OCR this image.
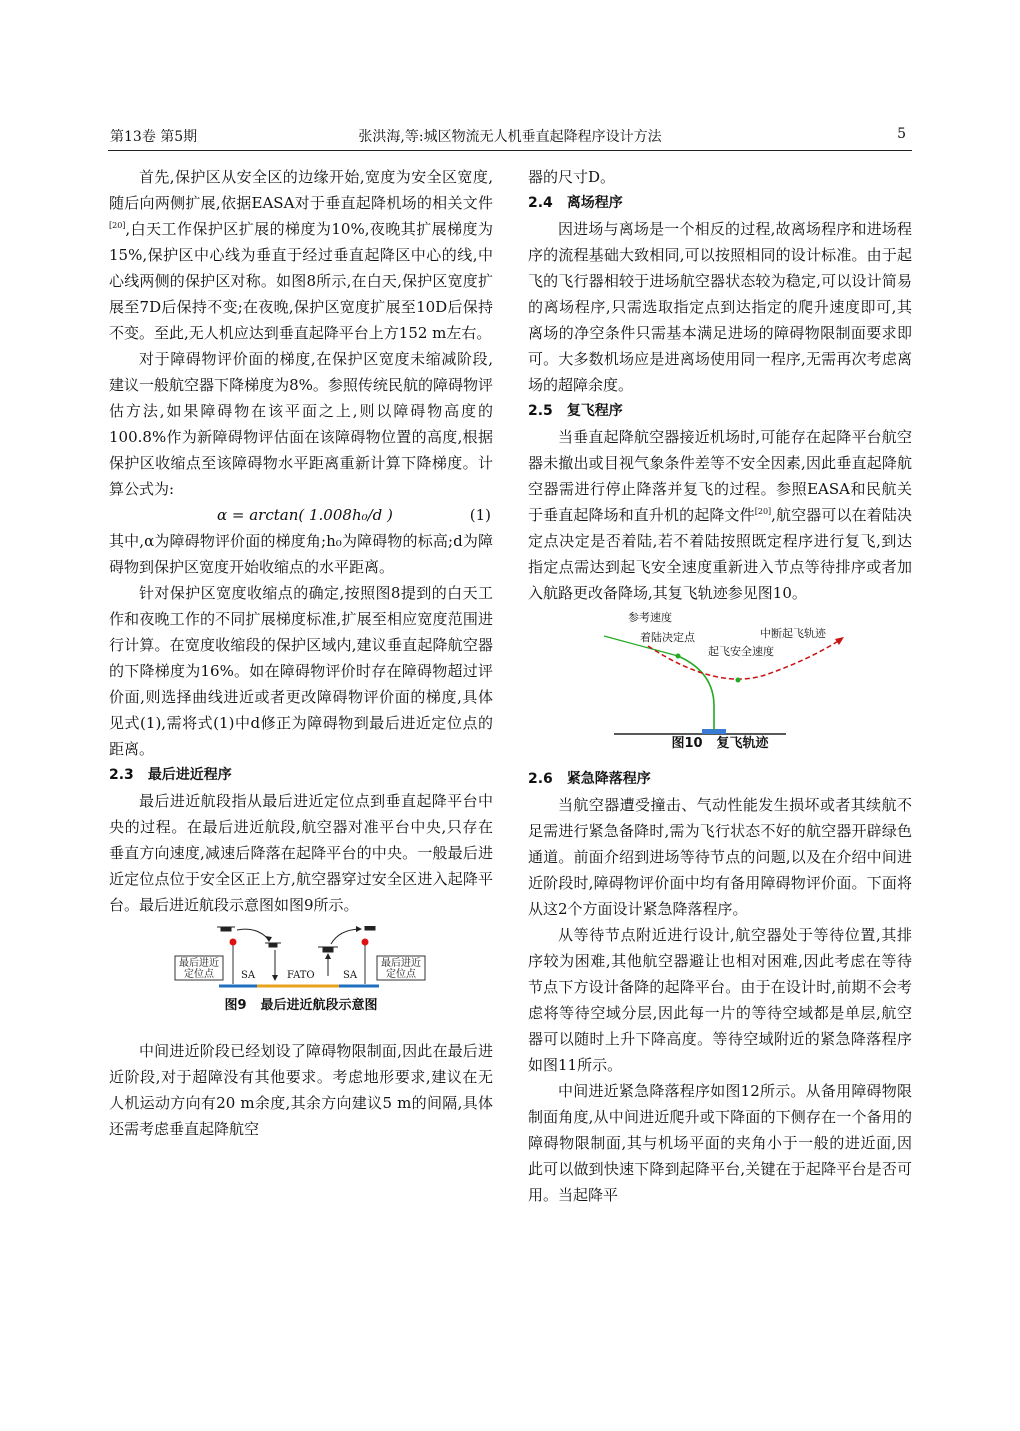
第13卷 第5期	张洪海,等:城区物流无人机垂直起降程序设计方法	5

首先,保护区从安全区的边缘开始,宽度为安全区宽度,随后向两侧扩展,依据EASA对于垂直起降机场的相关文件[20],白天工作保护区扩展的梯度为10%,夜晚其扩展梯度为15%,保护区中心线为垂直于经过垂直起降区中心的线,中心线两侧的保护区对称。如图8所示,在白天,保护区宽度扩展至7D后保持不变;在夜晚,保护区宽度扩展至10D后保持不变。至此,无人机应达到垂直起降平台上方152 m左右。

对于障碍物评价面的梯度,在保护区宽度未缩减阶段,建议一般航空器下降梯度为8%。参照传统民航的障碍物评估方法,如果障碍物在该平面之上,则以障碍物高度的100.8%作为新障碍物评估面在该障碍物位置的高度,根据保护区收缩点至该障碍物水平距离重新计算下降梯度。计算公式为:

α = arctan( 1.008h₀/d )	(1)

其中,α为障碍物评价面的梯度角;h₀为障碍物的标高;d为障碍物到保护区宽度开始收缩点的水平距离。

针对保护区宽度收缩点的确定,按照图8提到的白天工作和夜晚工作的不同扩展梯度标准,扩展至相应宽度范围进行计算。在宽度收缩段的保护区域内,建议垂直起降航空器的下降梯度为16%。如在障碍物评价时存在障碍物超过评价面,则选择曲线进近或者更改障碍物评价面的梯度,具体见式(1),需将式(1)中d修正为障碍物到最后进近定位点的距离。

2.3 最后进近程序

最后进近航段指从最后进近定位点到垂直起降平台中央的过程。在最后进近航段,航空器对准平台中央,只存在垂直方向速度,减速后降落在起降平台的中央。一般最后进近定位点位于安全区正上方,航空器穿过安全区进入起降平台。最后进近航段示意图如图9所示。

最后进近定位点
最后进近定位点
SA	FATO	SA
图9 最后进近航段示意图

中间进近阶段已经划设了障碍物限制面,因此在最后进近阶段,对于超障没有其他要求。考虑地形要求,建议在无人机运动方向有20 m余度,其余方向建议5 m的间隔,具体还需考虑垂直起降航空

器的尺寸D。

2.4 离场程序

因进场与离场是一个相反的过程,故离场程序和进场程序的流程基础大致相同,可以按照相同的设计标准。由于起飞的飞行器相较于进场航空器状态较为稳定,可以设计简易的离场程序,只需选取指定点到达指定的爬升速度即可,其离场的净空条件只需基本满足进场的障碍物限制面要求即可。大多数机场应是进离场使用同一程序,无需再次考虑离场的超障余度。

2.5 复飞程序

当垂直起降航空器接近机场时,可能存在起降平台航空器未撤出或目视气象条件差等不安全因素,因此垂直起降航空器需进行停止降落并复飞的过程。参照EASA和民航关于垂直起降场和直升机的起降文件[20],航空器可以在着陆决定点决定是否着陆,若不着陆按照既定程序进行复飞,到达指定点需达到起飞安全速度重新进入节点等待排序或者加入航路更改备降场,其复飞轨迹参见图10。

参考速度
着陆决定点	中断起飞轨迹
起飞安全速度
图10 复飞轨迹
2.6 紧急降落程序

当航空器遭受撞击、气动性能发生损坏或者其续航不足需进行紧急备降时,需为飞行状态不好的航空器开辟绿色通道。前面介绍到进场等待节点的问题,以及在介绍中间进近阶段时,障碍物评价面中均有备用障碍物评价面。下面将从这2个方面设计紧急降落程序。

从等待节点附近进行设计,航空器处于等待位置,其排序较为困难,其他航空器避让也相对困难,因此考虑在等待节点下方设计备降的起降平台。由于在设计时,前期不会考虑将等待空域分层,因此每一片的等待空域都是单层,航空器可以随时上升下降高度。等待空域附近的紧急降落程序如图11所示。

中间进近紧急降落程序如图12所示。从备用障碍物限制面角度,从中间进近爬升或下降面的下侧存在一个备用的障碍物限制面,其与机场平面的夹角小于一般的进近面,因此可以做到快速下降到起降平台,关键在于起降平台是否可用。当起降平
